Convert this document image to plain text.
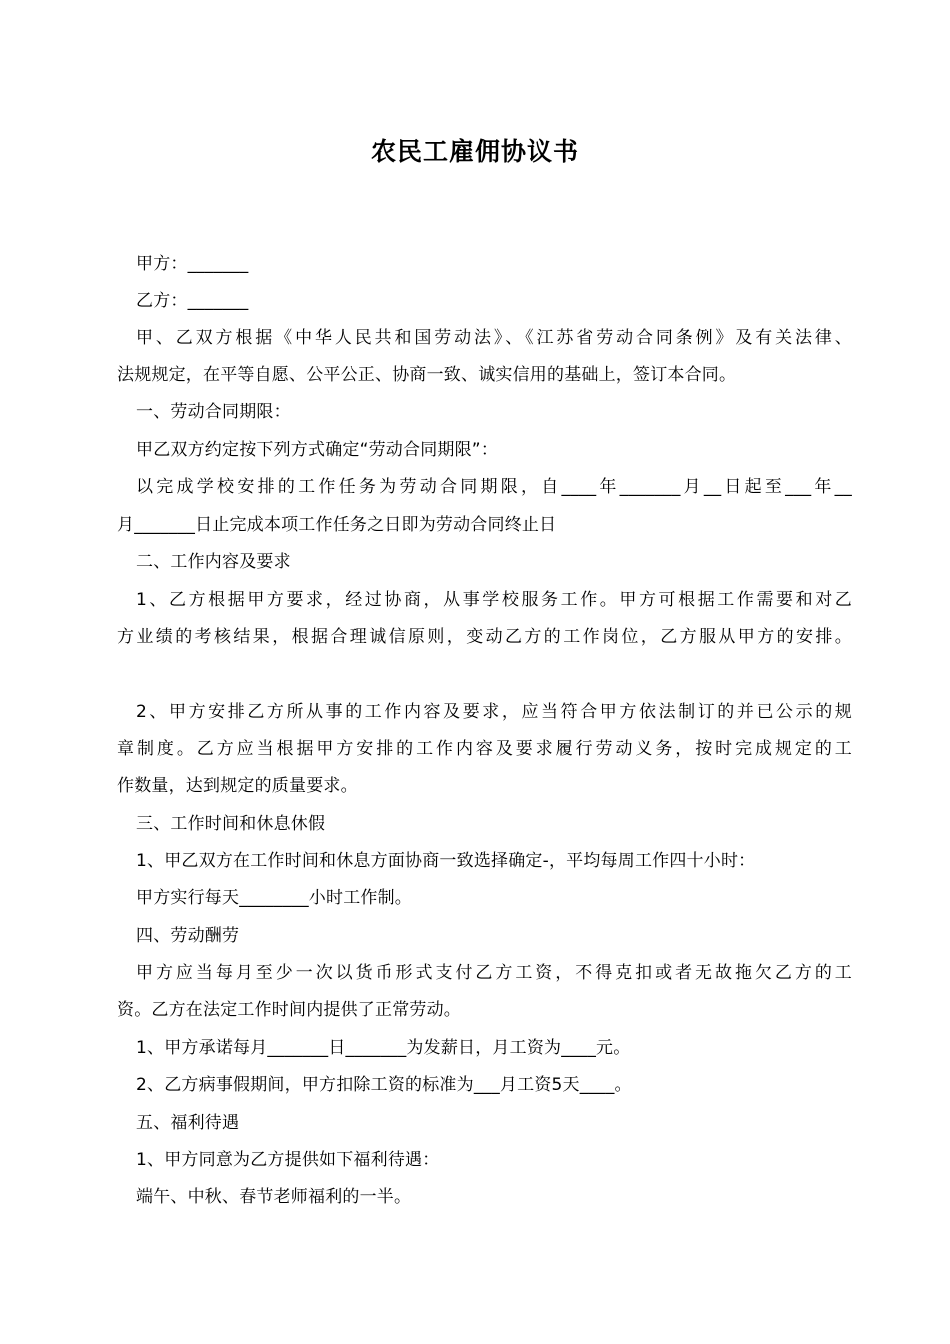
农民工雇佣协议书
甲方：_______
乙方：_______
甲、乙双方根据《中华人民共和国劳动法》、《江苏省劳动合同条例》及有关法律、
法规规定，在平等自愿、公平公正、协商一致、诚实信用的基础上，签订本合同。
一、劳动合同期限：
甲乙双方约定按下列方式确定“劳动合同期限”：
以完成学校安排的工作任务为劳动合同期限，自____年_______月__日起至___年__
月_______日止完成本项工作任务之日即为劳动合同终止日
二、工作内容及要求
1、乙方根据甲方要求，经过协商，从事学校服务工作。甲方可根据工作需要和对乙
方业绩的考核结果，根据合理诚信原则，变动乙方的工作岗位，乙方服从甲方的安排。
2、甲方安排乙方所从事的工作内容及要求，应当符合甲方依法制订的并已公示的规
章制度。乙方应当根据甲方安排的工作内容及要求履行劳动义务，按时完成规定的工
作数量，达到规定的质量要求。
三、工作时间和休息休假
1、甲乙双方在工作时间和休息方面协商一致选择确定-，平均每周工作四十小时：
甲方实行每天________小时工作制。
四、劳动酬劳
甲方应当每月至少一次以货币形式支付乙方工资，不得克扣或者无故拖欠乙方的工
资。乙方在法定工作时间内提供了正常劳动。
1、甲方承诺每月_______日_______为发薪日，月工资为____元。
2、乙方病事假期间，甲方扣除工资的标准为___月工资5天____。
五、福利待遇
1、甲方同意为乙方提供如下福利待遇：
端午、中秋、春节老师福利的一半。
